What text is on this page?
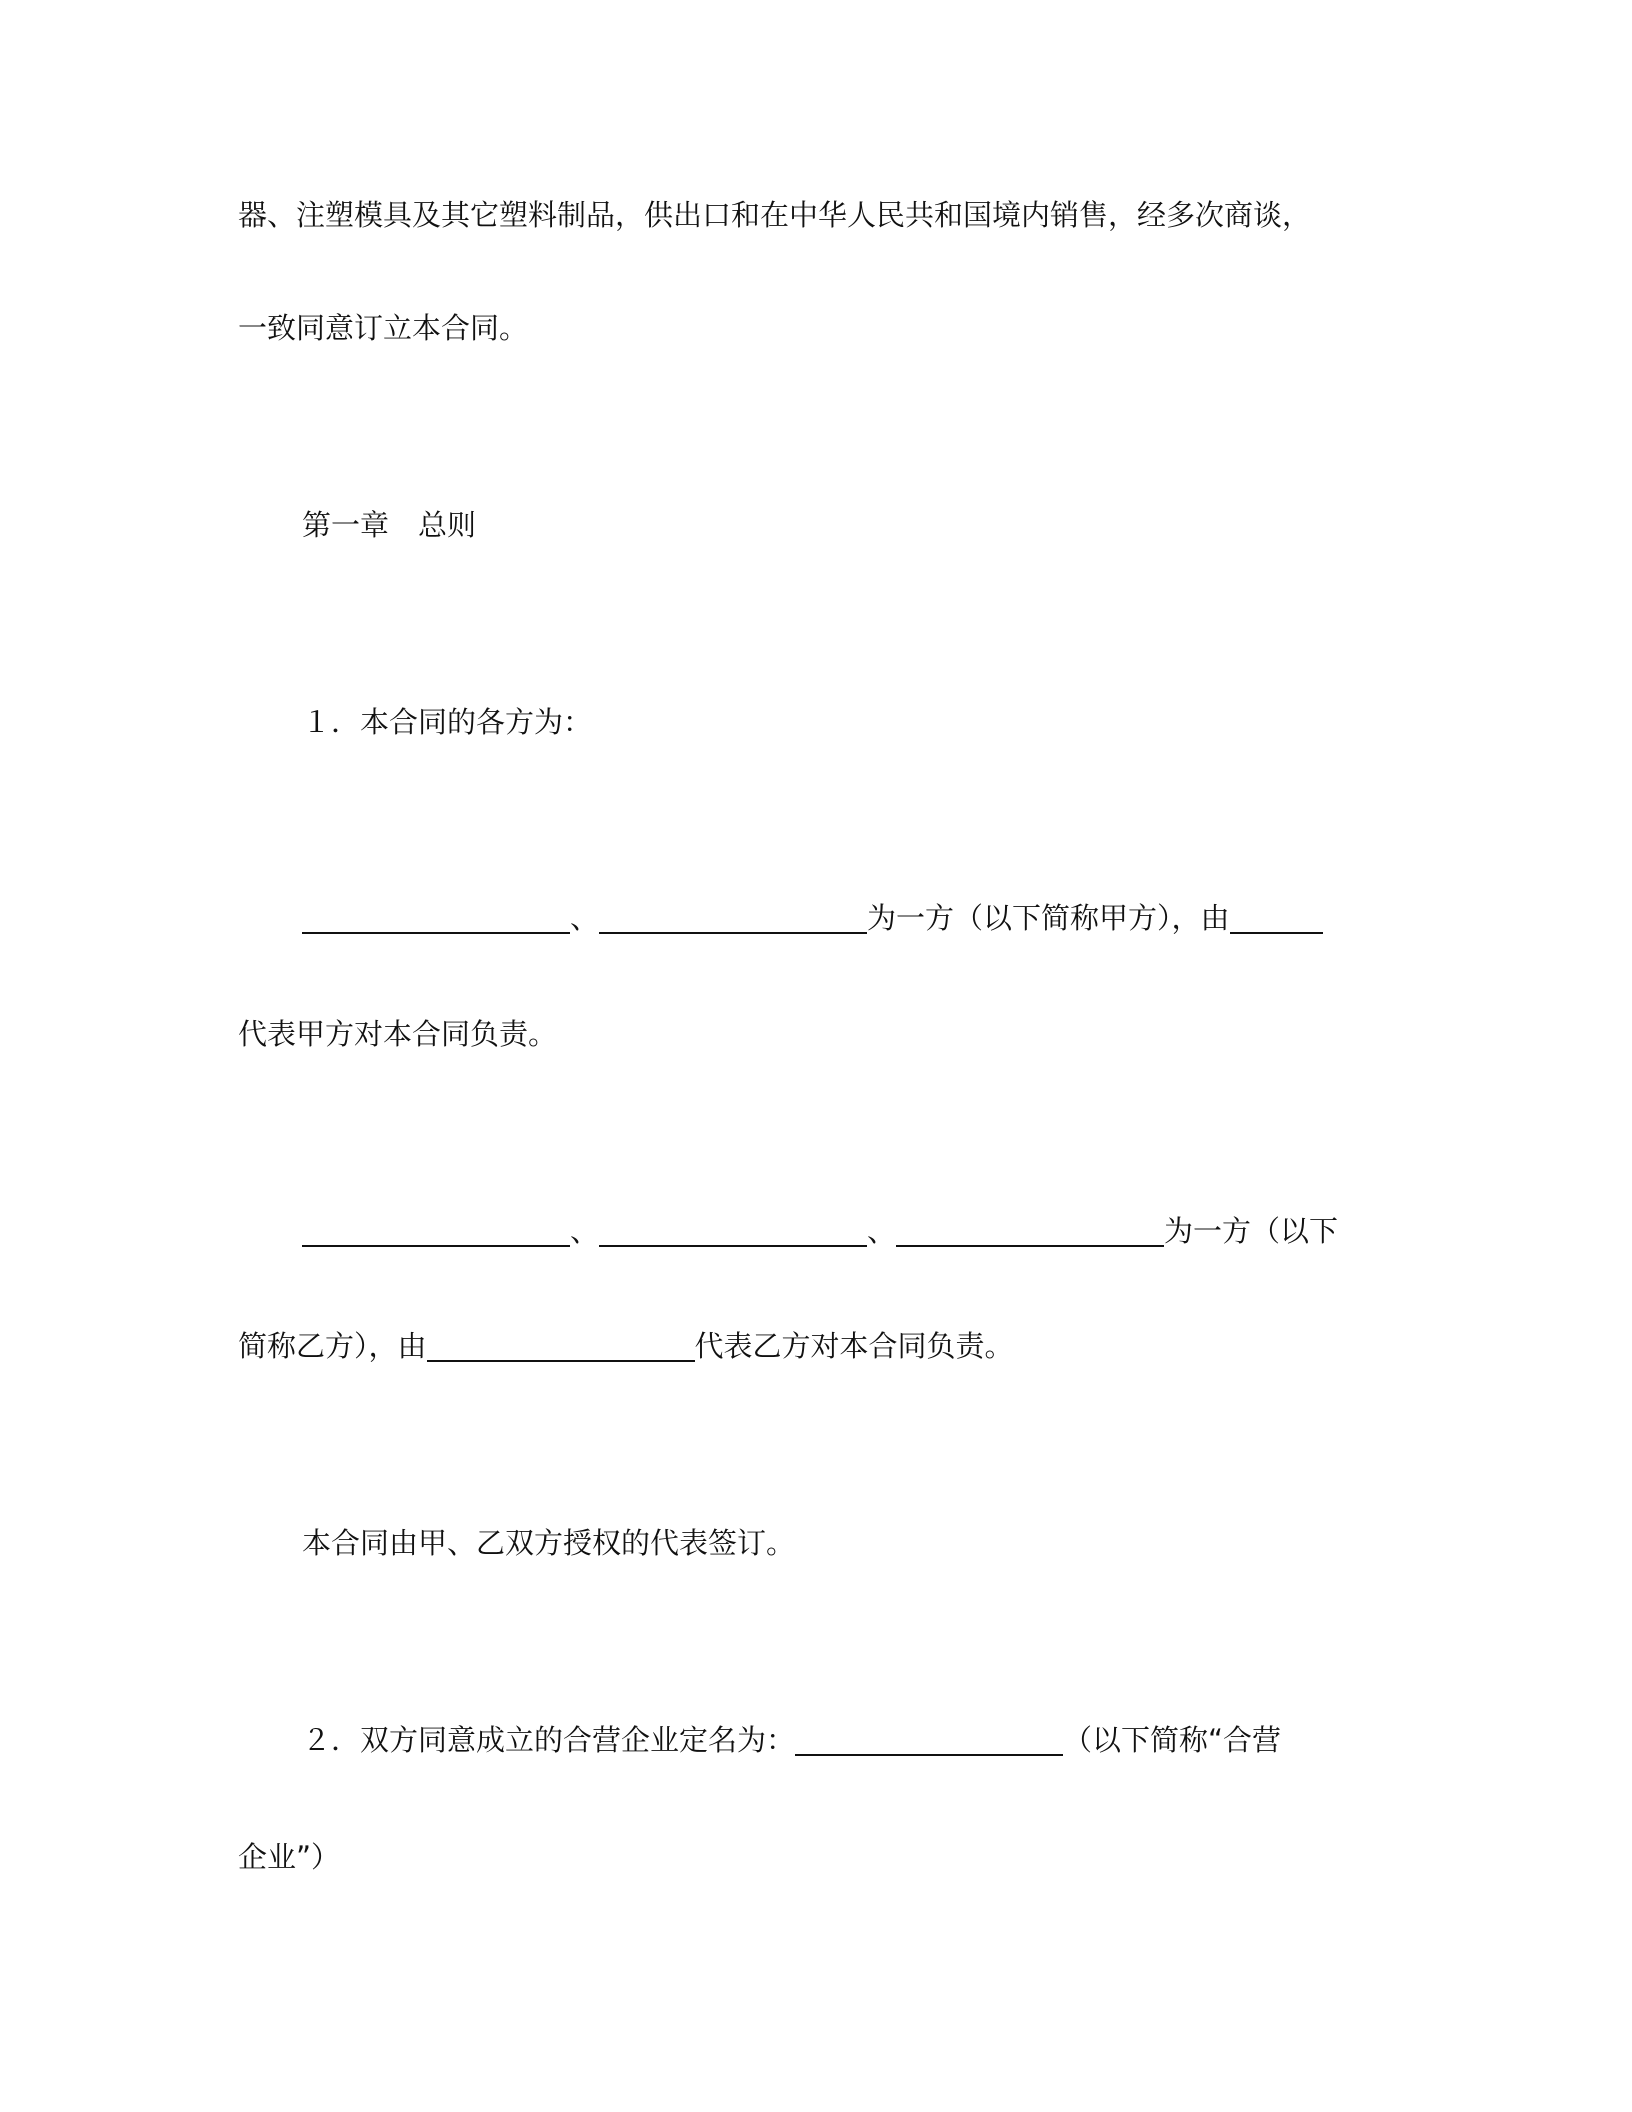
器、注塑模具及其它塑料制品，供出口和在中华人民共和国境内销售，经多次商谈，
一致同意订立本合同。
第一章　总则
１．本合同的各方为：
、	为一方（以下简称甲方），由
代表甲方对本合同负责。
、	、	为一方（以下
简称乙方），由	代表乙方对本合同负责。
本合同由甲、乙双方授权的代表签订。
２．双方同意成立的合营企业定名为：	（以下简称“合营
企业”）
